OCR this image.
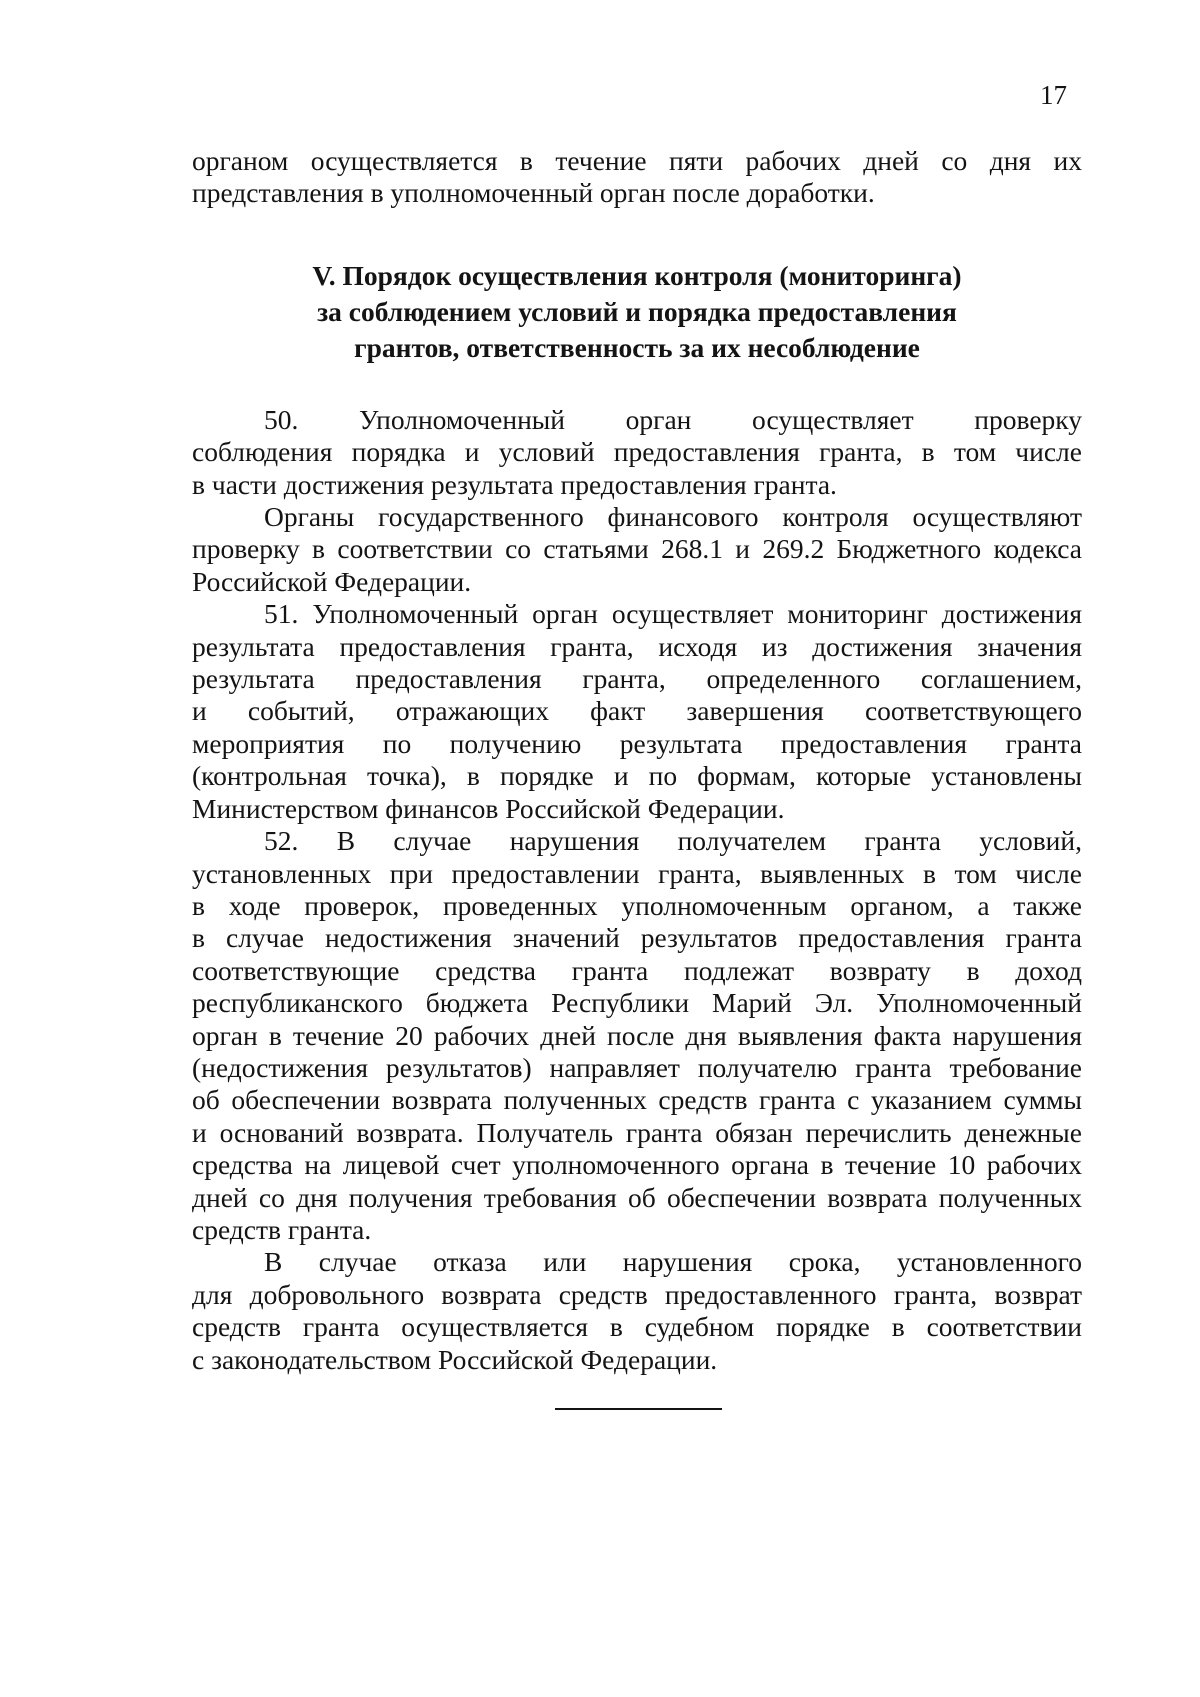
17

органом осуществляется в течение пяти рабочих дней со дня их

представления в уполномоченный орган после доработки.

V. Порядок осуществления контроля (мониторинга)
за соблюдением условий и порядка предоставления
грантов, ответственность за их несоблюдение

50. Уполномоченный орган осуществляет проверку

соблюдения порядка и условий предоставления гранта, в том числе

в части достижения результата предоставления гранта.

Органы государственного финансового контроля осуществляют

проверку в соответствии со статьями 268.1 и 269.2 Бюджетного кодекса

Российской Федерации.

51. Уполномоченный орган осуществляет мониторинг достижения

результата предоставления гранта, исходя из достижения значения

результата предоставления гранта, определенного соглашением,

и событий, отражающих факт завершения соответствующего

мероприятия по получению результата предоставления гранта

(контрольная точка), в порядке и по формам, которые установлены

Министерством финансов Российской Федерации.

52. В случае нарушения получателем гранта условий,

установленных при предоставлении гранта, выявленных в том числе

в ходе проверок, проведенных уполномоченным органом, а также

в случае недостижения значений результатов предоставления гранта

соответствующие средства гранта подлежат возврату в доход

республиканского бюджета Республики Марий Эл. Уполномоченный

орган в течение 20 рабочих дней после дня выявления факта нарушения

(недостижения результатов) направляет получателю гранта требование

об обеспечении возврата полученных средств гранта с указанием суммы

и оснований возврата. Получатель гранта обязан перечислить денежные

средства на лицевой счет уполномоченного органа в течение 10 рабочих

дней со дня получения требования об обеспечении возврата полученных

средств гранта.

В случае отказа или нарушения срока, установленного

для добровольного возврата средств предоставленного гранта, возврат

средств гранта осуществляется в судебном порядке в соответствии

с законодательством Российской Федерации.
